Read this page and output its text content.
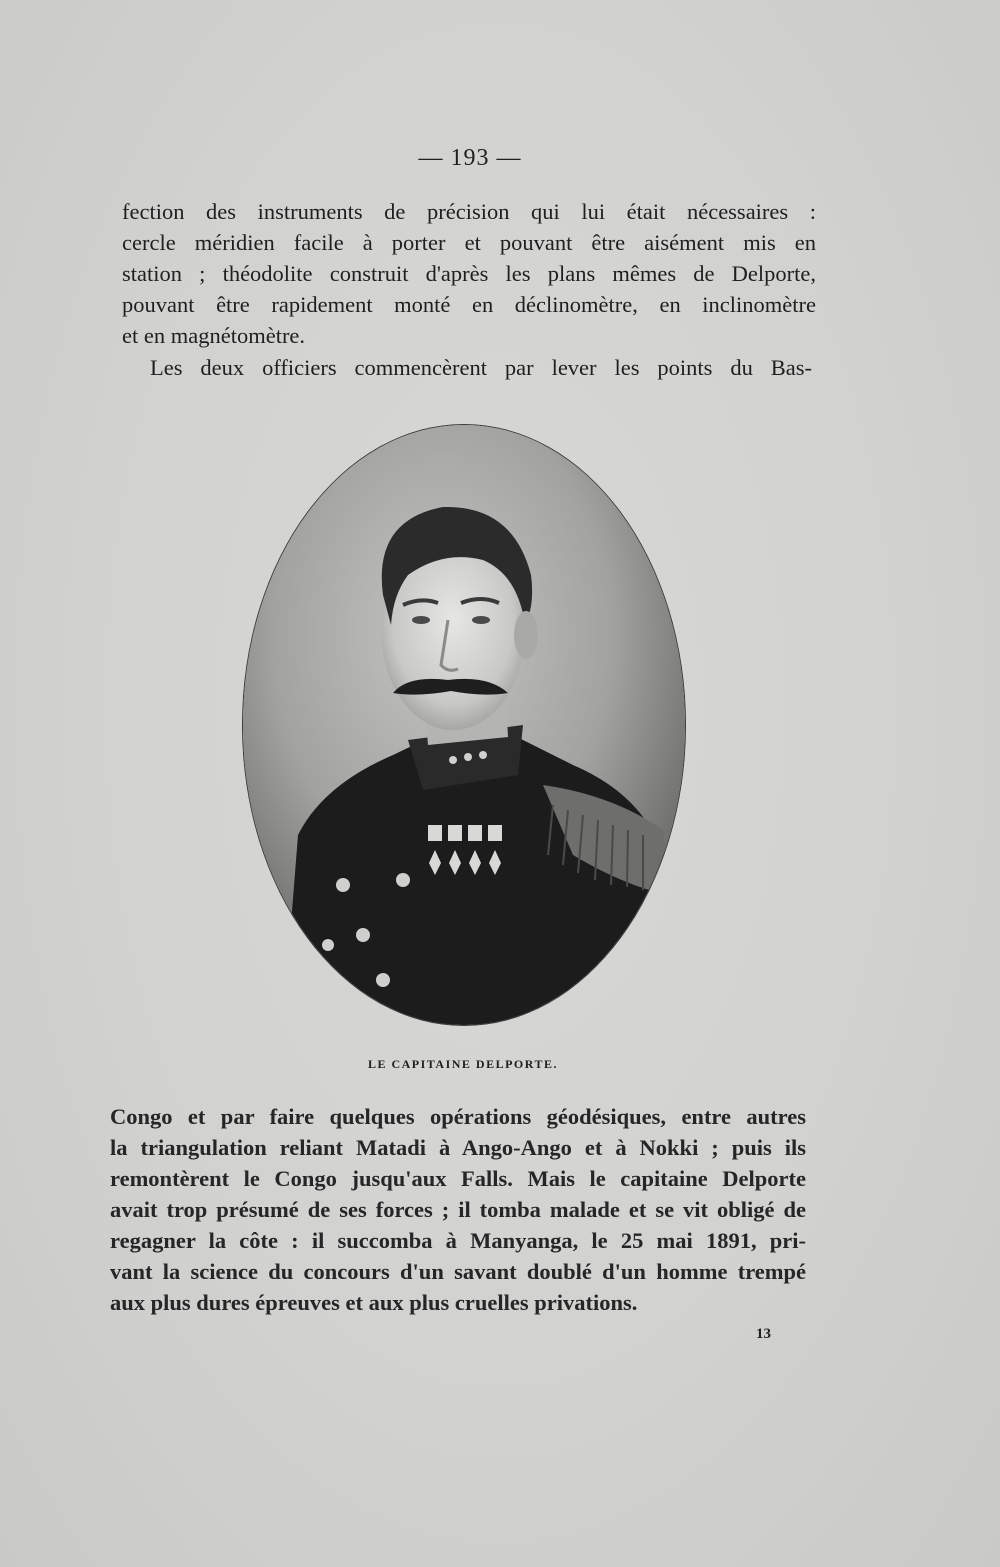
— 193 —
fection des instruments de précision qui lui était nécessaires :
cercle méridien facile à porter et pouvant être aisément mis en
station ; théodolite construit d'après les plans mêmes de Delporte,
pouvant être rapidement monté en déclinomètre, en inclinomètre
et en magnétomètre.
Les deux officiers commencèrent par lever les points du Bas-
LE CAPITAINE DELPORTE.
Congo et par faire quelques opérations géodésiques, entre autres
la triangulation reliant Matadi à Ango-Ango et à Nokki ; puis ils
remontèrent le Congo jusqu'aux Falls. Mais le capitaine Delporte
avait trop présumé de ses forces ; il tomba malade et se vit obligé de
regagner la côte : il succomba à Manyanga, le 25 mai 1891, pri-
vant la science du concours d'un savant doublé d'un homme trempé
aux plus dures épreuves et aux plus cruelles privations.
13
